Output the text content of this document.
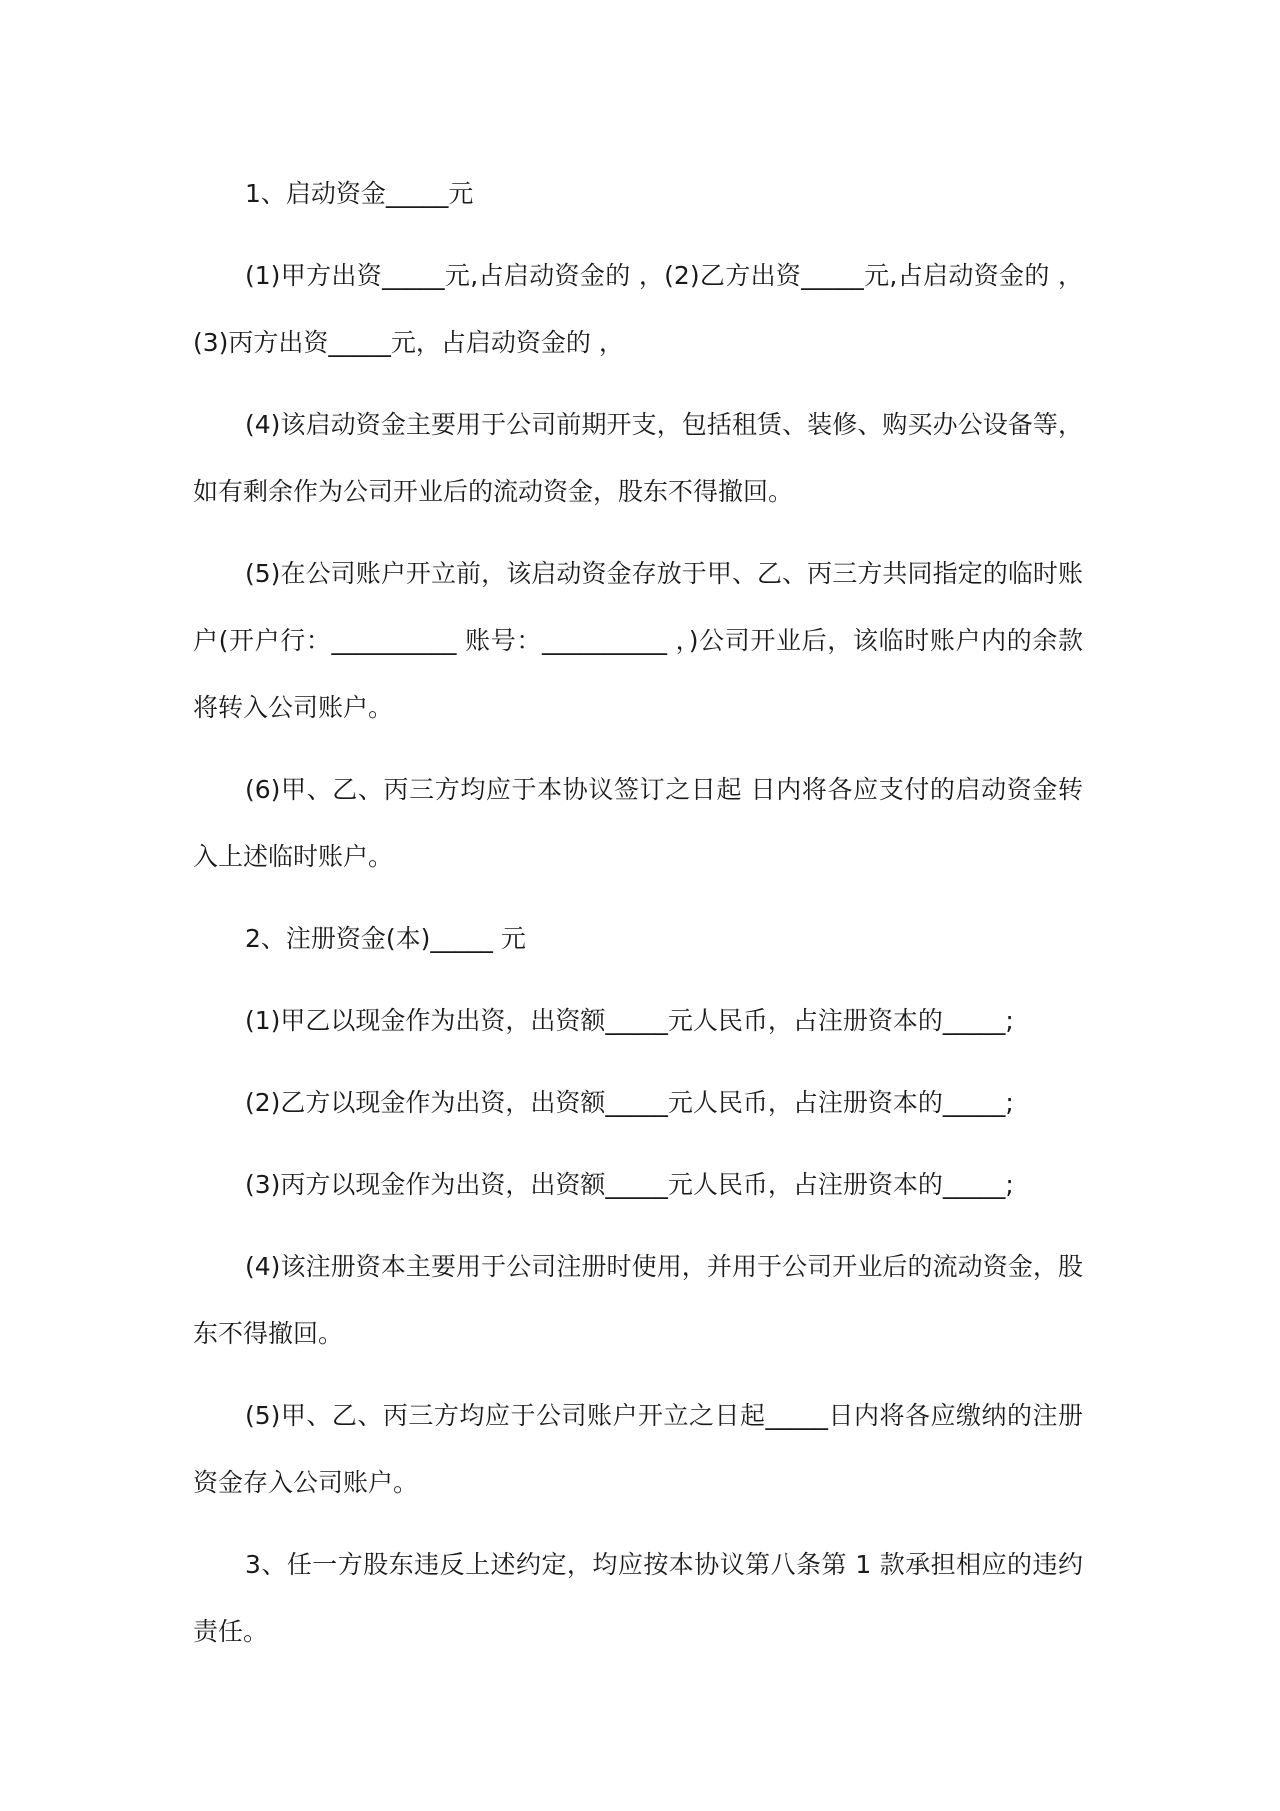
1、启动资金_____元

(1)甲方出资_____元,占启动资金的 ，(2)乙方出资_____元,占启动资金的 ，(3)丙方出资_____元，占启动资金的 ，

(4)该启动资金主要用于公司前期开支，包括租赁、装修、购买办公设备等，如有剩余作为公司开业后的流动资金，股东不得撤回。

(5)在公司账户开立前，该启动资金存放于甲、乙、丙三方共同指定的临时账户(开户行：__________ 账号：__________ ，)公司开业后，该临时账户内的余款将转入公司账户。

(6)甲、乙、丙三方均应于本协议签订之日起 日内将各应支付的启动资金转入上述临时账户。

2、注册资金(本)_____ 元

(1)甲乙以现金作为出资，出资额_____元人民币，占注册资本的_____;

(2)乙方以现金作为出资，出资额_____元人民币，占注册资本的_____;

(3)丙方以现金作为出资，出资额_____元人民币，占注册资本的_____;

(4)该注册资本主要用于公司注册时使用，并用于公司开业后的流动资金，股东不得撤回。

(5)甲、乙、丙三方均应于公司账户开立之日起_____日内将各应缴纳的注册资金存入公司账户。

3、任一方股东违反上述约定，均应按本协议第八条第 1 款承担相应的违约责任。
